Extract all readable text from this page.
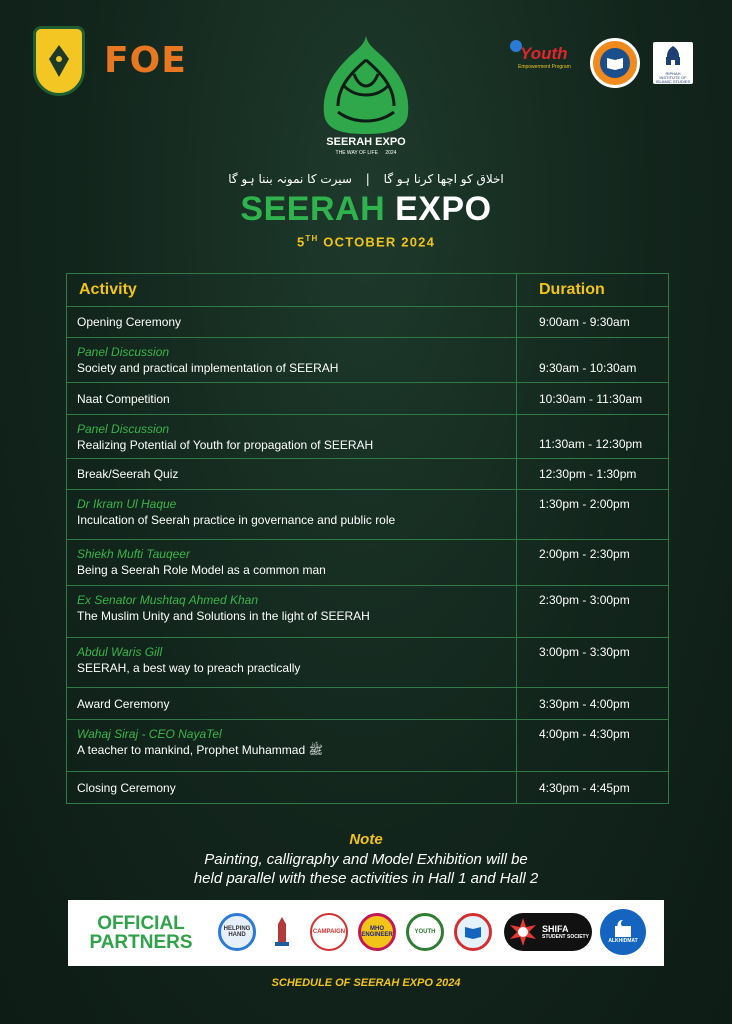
FOE	Youth
Empowerment Program
RIPHAH INSTITUTE OF ISLAMIC STUDIES
SEERAH EXPO
THE WAY OF LIFE 2024
اخلاق کو اچھا کرنا ہو گا | سیرت کا نمونہ بننا ہو گا
SEERAH EXPO
5TH OCTOBER 2024
Activity	Duration
Opening Ceremony	9:00am - 9:30am

Panel Discussion
Society and practical implementation of SEERAH	9:30am - 10:30am
Naat Competition	10:30am - 11:30am

Panel Discussion
Realizing Potential of Youth for propagation of SEERAH	11:30am - 12:30pm
Break/Seerah Quiz	12:30pm - 1:30pm

Dr Ikram Ul Haque
Inculcation of Seerah practice in governance and public role	1:30pm - 2:00pm

Shiekh Mufti Tauqeer
Being a Seerah Role Model as a common man	2:00pm - 2:30pm

Ex Senator Mushtaq Ahmed Khan
The Muslim Unity and Solutions in the light of SEERAH	2:30pm - 3:00pm

Abdul Waris Gill
SEERAH, a best way to preach practically	3:00pm - 3:30pm
Award Ceremony	3:30pm - 4:00pm

Wahaj Siraj - CEO NayaTel
A teacher to mankind, Prophet Muhammad ﷺ	4:00pm - 4:30pm
Closing Ceremony	4:30pm - 4:45pm
Note
Painting, calligraphy and Model Exhibition will be
held parallel with these activities in Hall 1 and Hall 2
OFFICIAL
PARTNERS
HELPING HAND	CAMPAIGN	MHO ENGINEER	YOUTH	SHIFA
STUDENT SOCIETY
ALKHIDMAT
SCHEDULE OF SEERAH EXPO 2024
